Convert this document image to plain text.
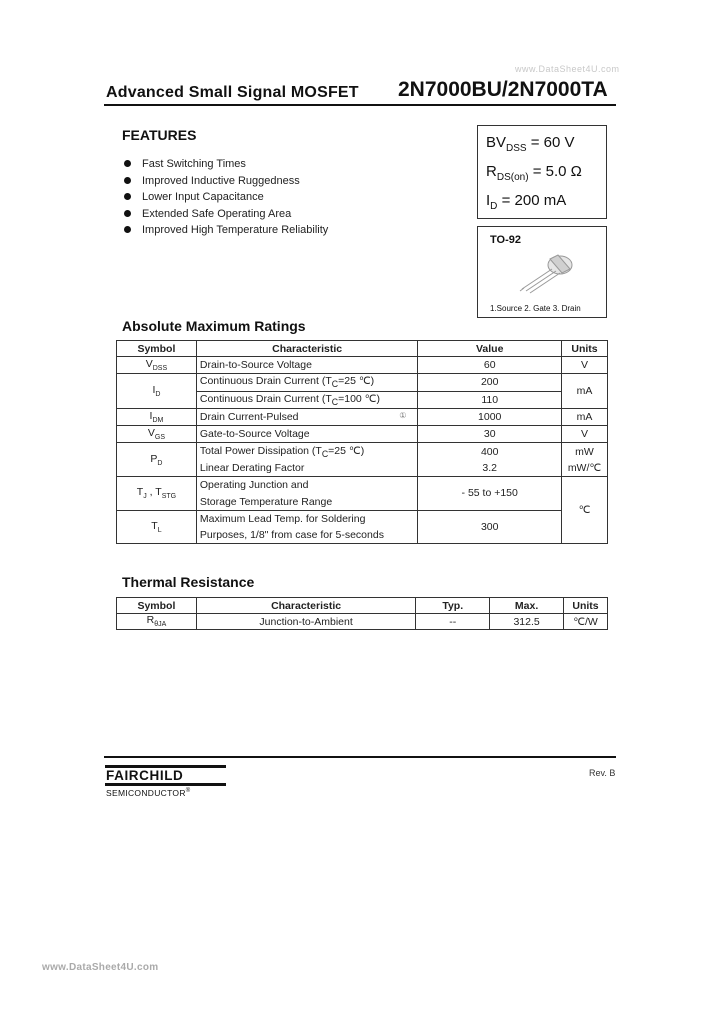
www.DataSheet4U.com
Advanced Small Signal MOSFET 2N7000BU/2N7000TA
FEATURES
Fast Switching Times
Improved Inductive Ruggedness
Lower Input Capacitance
Extended Safe Operating Area
Improved High Temperature Reliability
$BV_{DSS} = 60$ V
$R_{DS(on)} = 5.0$ Ω
$I_D = 200$ mA
TO-92
1.Source 2. Gate 3. Drain
Absolute Maximum Ratings
Symbol	Characteristic	Value	Units
$V_{DSS}$	Drain-to-Source Voltage	60	V
$I_D$	Continuous Drain Current ($T_C=25$ ℃)	200	mA
	Continuous Drain Current ($T_C=100$ ℃)	110	
$I_{DM}$	Drain Current-Pulsed ①	1000	mA
$V_{GS}$	Gate-to-Source Voltage	30	V
$P_D$	Total Power Dissipation ($T_C=25$ ℃)	400	mW
	Linear Derating Factor	3.2	mW/℃
$T_J$ , $T_{STG}$	Operating Junction and	- 55 to +150	℃
	Storage Temperature Range		
$T_L$	Maximum Lead Temp. for Soldering	300	
	Purposes, 1/8" from case for 5-seconds		
Thermal Resistance
Symbol	Characteristic	Typ.	Max.	Units
$R_{\theta JA}$	Junction-to-Ambient	--	312.5	℃/W
FAIRCHILD
SEMICONDUCTOR®
Rev. B
www.DataSheet4U.com
